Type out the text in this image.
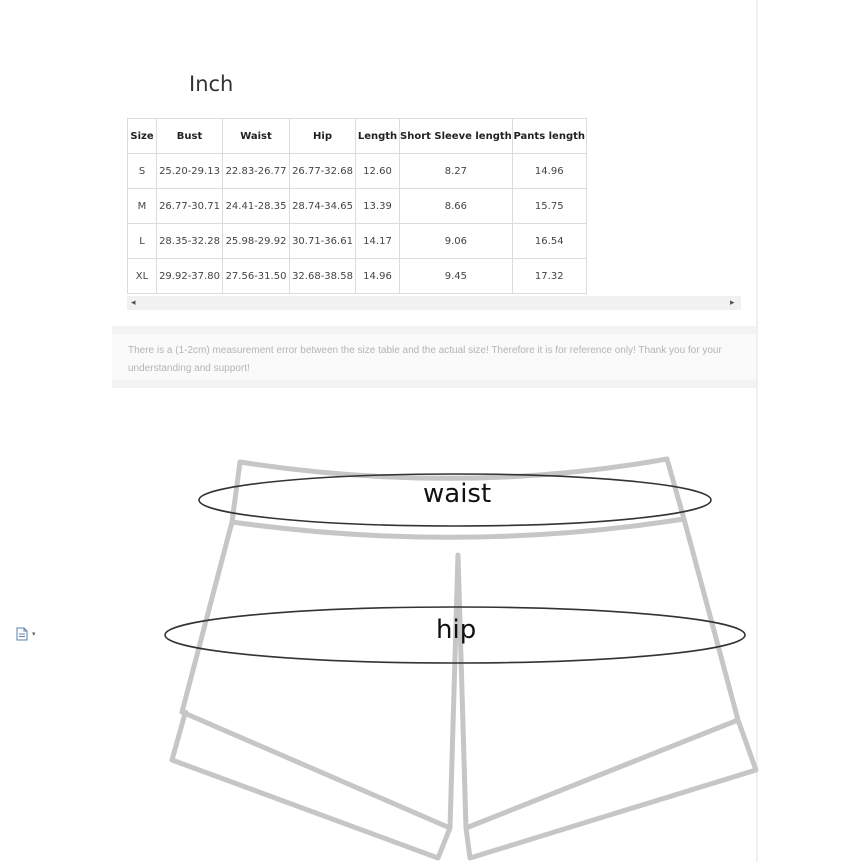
Inch
Size	Bust	Waist	Hip	Length	Short Sleeve length	Pants length
S	25.20-29.13	22.83-26.77	26.77-32.68	12.60	8.27	14.96
M	26.77-30.71	24.41-28.35	28.74-34.65	13.39	8.66	15.75
L	28.35-32.28	25.98-29.92	30.71-36.61	14.17	9.06	16.54
XL	29.92-37.80	27.56-31.50	32.68-38.58	14.96	9.45	17.32
◂	▸
There is a (1-2cm) measurement error between the size table and the actual size! Therefore it is for reference only! Thank you for your understanding and support!
▾
waist
hip
